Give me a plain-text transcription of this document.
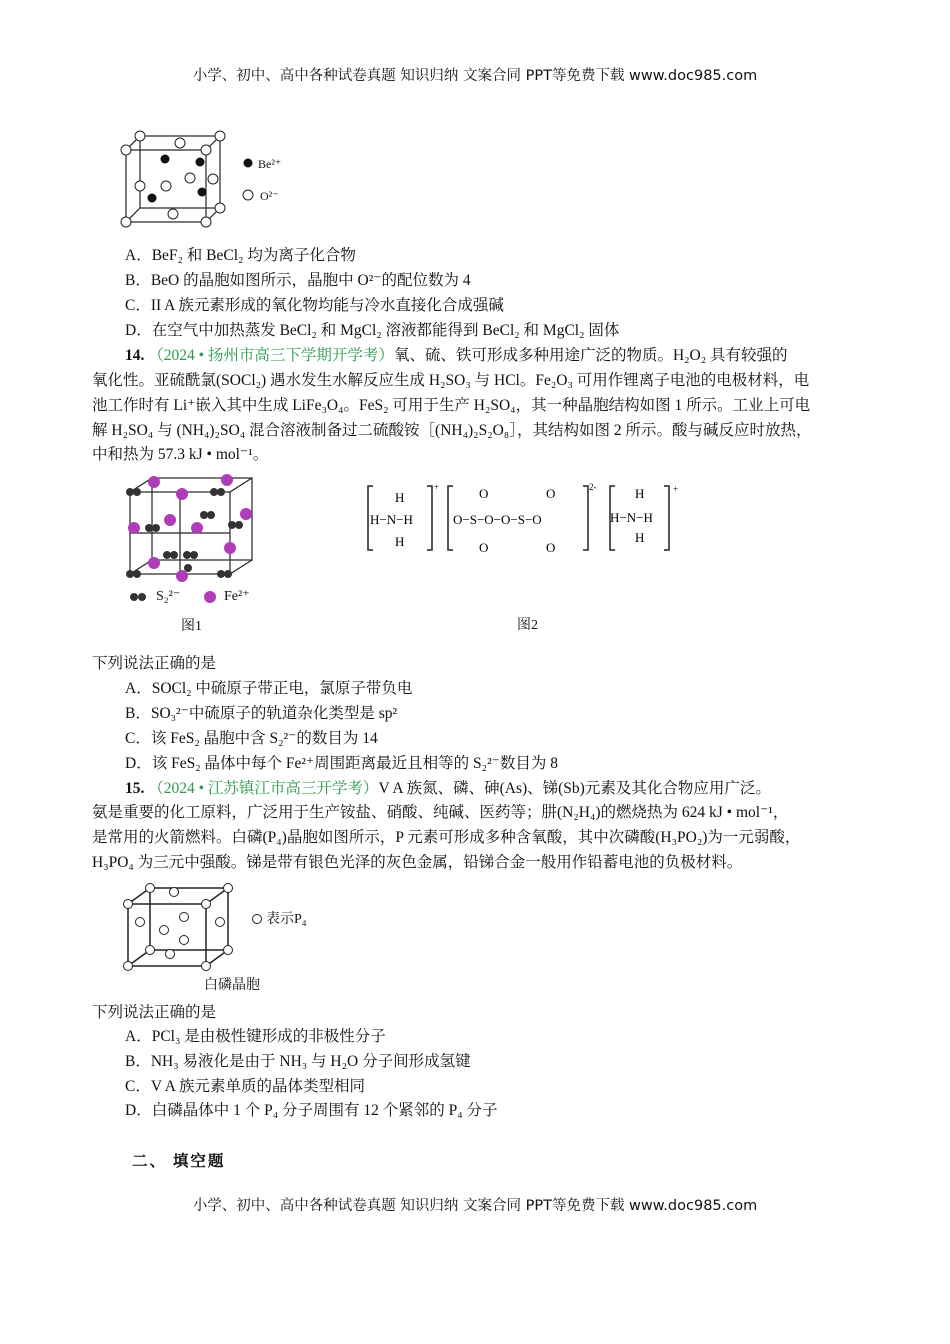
小学、初中、高中各种试卷真题 知识归纳 文案合同 PPT等免费下载 www.doc985.com
Be²⁺
O²⁻
A．BeF₂ 和 BeCl₂ 均为离子化合物
B．BeO 的晶胞如图所示，晶胞中 O²⁻的配位数为 4
C．II A 族元素形成的氧化物均能与冷水直接化合成强碱
D．在空气中加热蒸发 BeCl₂ 和 MgCl₂ 溶液都能得到 BeCl₂ 和 MgCl₂ 固体
14. （2024 • 扬州市高三下学期开学考）氧、硫、铁可形成多种用途广泛的物质。H₂O₂ 具有较强的
氧化性。亚硫酰氯(SOCl₂) 遇水发生水解反应生成 H₂SO₃ 与 HCl。Fe₂O₃ 可用作锂离子电池的电极材料，电
池工作时有 Li⁺嵌入其中生成 LiFe₃O₄。FeS₂ 可用于生产 H₂SO₄，其一种晶胞结构如图 1 所示。工业上可电
解 H₂SO₄ 与 (NH₄)₂SO₄ 混合溶液制备过二硫酸铵［(NH₄)₂S₂O₈］，其结构如图 2 所示。酸与碱反应时放热，
中和热为 57.3 kJ • mol⁻¹。
S₂²⁻	Fe²⁺
图1
H
H−N−H
H
+
O−S−O−O−S−O
O
O
O
O
2-	H
H−N−H
H
+
图2
下列说法正确的是
A．SOCl₂ 中硫原子带正电，氯原子带负电
B．SO₃²⁻中硫原子的轨道杂化类型是 sp²
C．该 FeS₂ 晶胞中含 S₂²⁻的数目为 14
D．该 FeS₂ 晶体中每个 Fe²⁺周围距离最近且相等的 S₂²⁻数目为 8
15. （2024 • 江苏镇江市高三开学考）V A 族氮、磷、砷(As)、锑(Sb)元素及其化合物应用广泛。
氨是重要的化工原料，广泛用于生产铵盐、硝酸、纯碱、医药等；肼(N₂H₄)的燃烧热为 624 kJ • mol⁻¹，
是常用的火箭燃料。白磷(P₄)晶胞如图所示，P 元素可形成多种含氧酸，其中次磷酸(H₃PO₂)为一元弱酸，
H₃PO₄ 为三元中强酸。锑是带有银色光泽的灰色金属，铅锑合金一般用作铅蓄电池的负极材料。
表示P₄
白磷晶胞
下列说法正确的是
A．PCl₃ 是由极性键形成的非极性分子
B．NH₃ 易液化是由于 NH₃ 与 H₂O 分子间形成氢键
C．V A 族元素单质的晶体类型相同
D．白磷晶体中 1 个 P₄ 分子周围有 12 个紧邻的 P₄ 分子
二、 填空题
小学、初中、高中各种试卷真题 知识归纳 文案合同 PPT等免费下载 www.doc985.com
